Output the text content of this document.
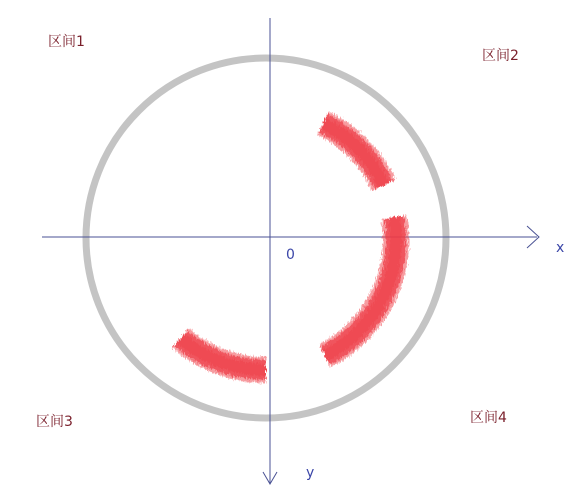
区间1
区间2
区间3	区间4
x
y
0
